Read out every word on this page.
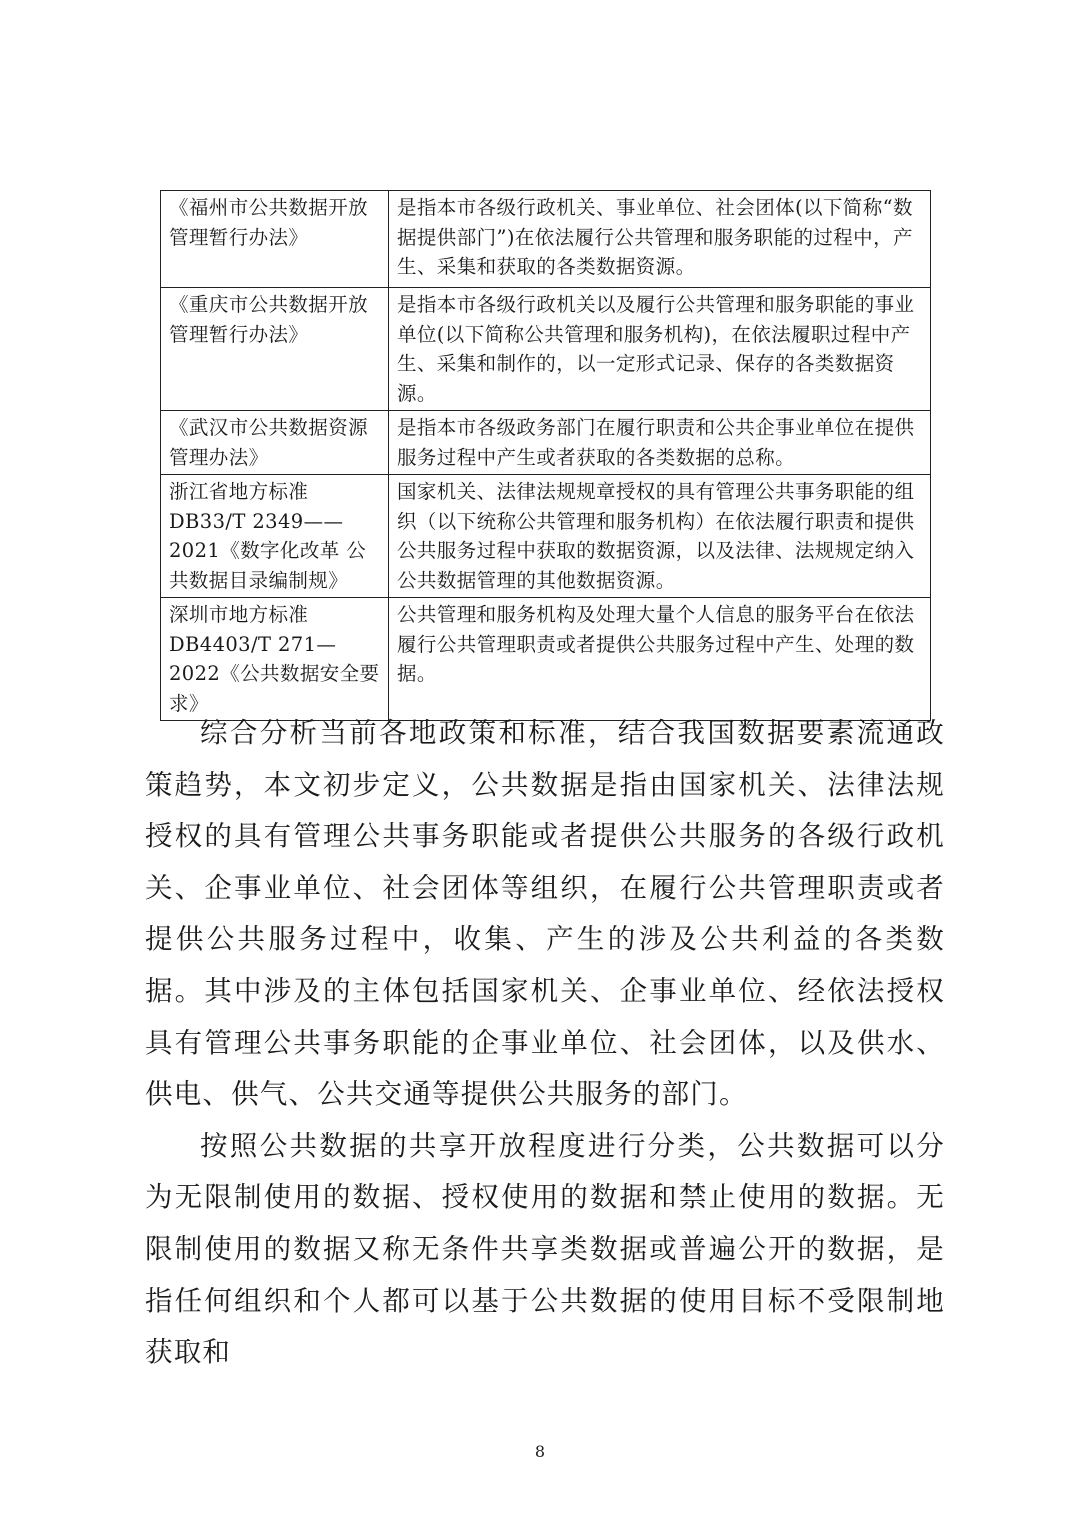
《福州市公共数据开放管理暂行办法》	是指本市各级行政机关、事业单位、社会团体(以下简称“数据提供部门”)在依法履行公共管理和服务职能的过程中，产生、采集和获取的各类数据资源。
《重庆市公共数据开放管理暂行办法》	是指本市各级行政机关以及履行公共管理和服务职能的事业单位(以下简称公共管理和服务机构)，在依法履职过程中产生、采集和制作的，以一定形式记录、保存的各类数据资源。
《武汉市公共数据资源管理办法》	是指本市各级政务部门在履行职责和公共企事业单位在提供服务过程中产生或者获取的各类数据的总称。
浙江省地方标准DB33/T 2349——2021《数字化改革 公共数据目录编制规》	国家机关、法律法规规章授权的具有管理公共事务职能的组织（以下统称公共管理和服务机构）在依法履行职责和提供公共服务过程中获取的数据资源，以及法律、法规规定纳入公共数据管理的其他数据资源。
深圳市地方标准DB4403/T 271—2022《公共数据安全要求》	公共管理和服务机构及处理大量个人信息的服务平台在依法履行公共管理职责或者提供公共服务过程中产生、处理的数据。

综合分析当前各地政策和标准，结合我国数据要素流通政策趋势，本文初步定义，公共数据是指由国家机关、法律法规授权的具有管理公共事务职能或者提供公共服务的各级行政机关、企事业单位、社会团体等组织，在履行公共管理职责或者提供公共服务过程中，收集、产生的涉及公共利益的各类数据。其中涉及的主体包括国家机关、企事业单位、经依法授权具有管理公共事务职能的企事业单位、社会团体，以及供水、供电、供气、公共交通等提供公共服务的部门。

按照公共数据的共享开放程度进行分类，公共数据可以分为无限制使用的数据、授权使用的数据和禁止使用的数据。无限制使用的数据又称无条件共享类数据或普遍公开的数据，是指任何组织和个人都可以基于公共数据的使用目标不受限制地获取和

8
